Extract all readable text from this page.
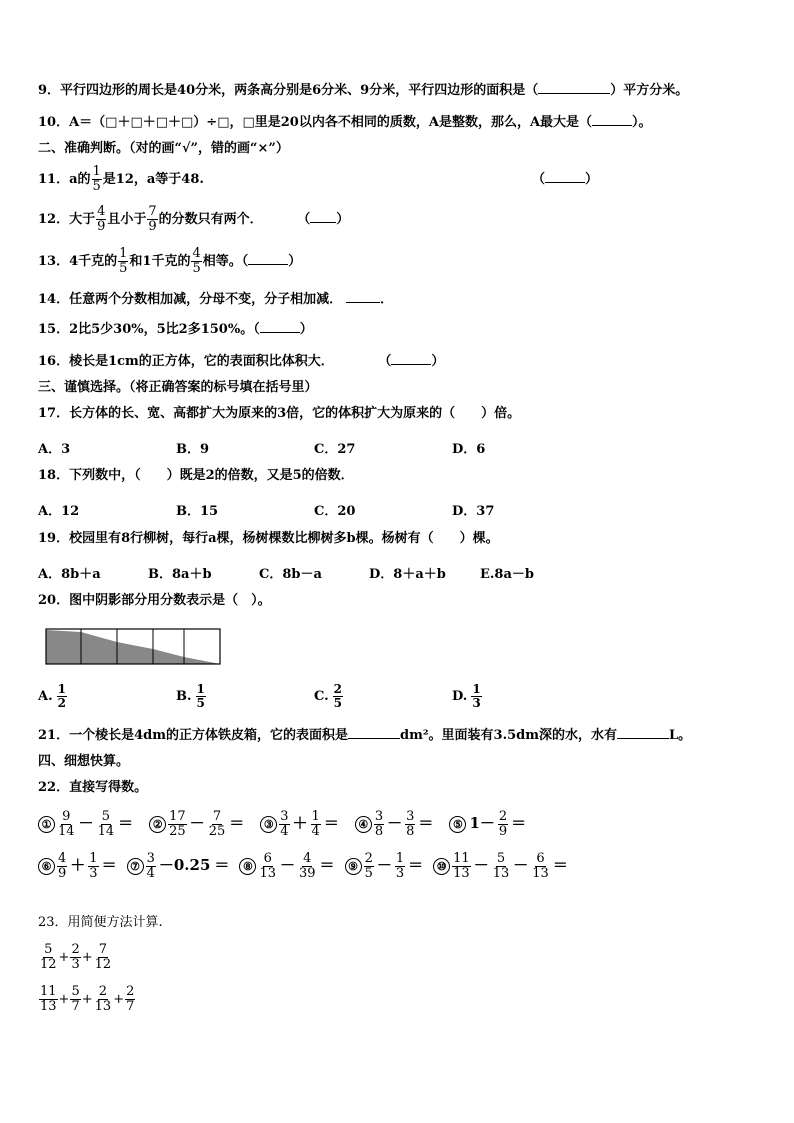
9．平行四边形的周长是40分米，两条高分别是6分米、9分米，平行四边形的面积是（	）平方分米。
10．A＝（□＋□＋□＋□）÷□，□里是20以内各不相同的质数，A是整数，那么，A最大是（	）。
二、准确判断。（对的画“√”，错的画“×”）
11．a的 $\frac{1}{5}$ 是12，a等于48.	（	）
12．大于 $\frac{4}{9}$ 且小于 $\frac{7}{9}$ 的分数只有两个．	（ ）
13．4千克的 $\frac{1}{5}$ 和1千克的 $\frac{4}{5}$ 相等。（	）
14．任意两个分数相加减，分母不变，分子相加减．	．
15．2比5少30%，5比2多150%。（	）
16．棱长是1cm的正方体，它的表面积比体积大．	（	）
三、谨慎选择。（将正确答案的标号填在括号里）
17．长方体的长、宽、高都扩大为原来的3倍，它的体积扩大为原来的（　　）倍。
A．3	B．9	C．27	D．6
18．下列数中，（　　）既是2的倍数，又是5的倍数．
A．12	B．15	C．20	D．37
19．校园里有8行柳树，每行a棵，杨树棵数比柳树多b棵。杨树有（　　）棵。
A．8b＋a	B．8a＋b	C．8b－a	D．8＋a＋b	E.8a－b
20．图中阴影部分用分数表示是（　）。
A. $\frac{1}{2}$	B. $\frac{1}{5}$	C. $\frac{2}{5}$	D. $\frac{1}{3}$
21．一个棱长是4dm的正方体铁皮箱，它的表面积是	dm²。里面装有3.5dm深的水，水有	L。
四、细想快算。
22．直接写得数。
① $\frac{9}{14} - \frac{5}{14}$ ＝ ② $\frac{17}{25} - \frac{7}{25}$ ＝ ③ $\frac{3}{4} + \frac{1}{4}$ ＝ ④ $\frac{3}{8} - \frac{3}{8}$ ＝ ⑤ $1- \frac{2}{9}$ ＝
⑥ $\frac{4}{9} + \frac{1}{3}$ ＝ ⑦ $\frac{3}{4} -0.25$ ＝ ⑧ $\frac{6}{13} - \frac{4}{39}$ ＝ ⑨ $\frac{2}{5} - \frac{1}{3}$ ＝ ⑩ $\frac{11}{13} - \frac{5}{13} - \frac{6}{13}$ ＝
23．用简便方法计算.
$\frac{5}{12} + \frac{2}{3} + \frac{7}{12}$
$\frac{11}{13} + \frac{5}{7} + \frac{2}{13} + \frac{2}{7}$
